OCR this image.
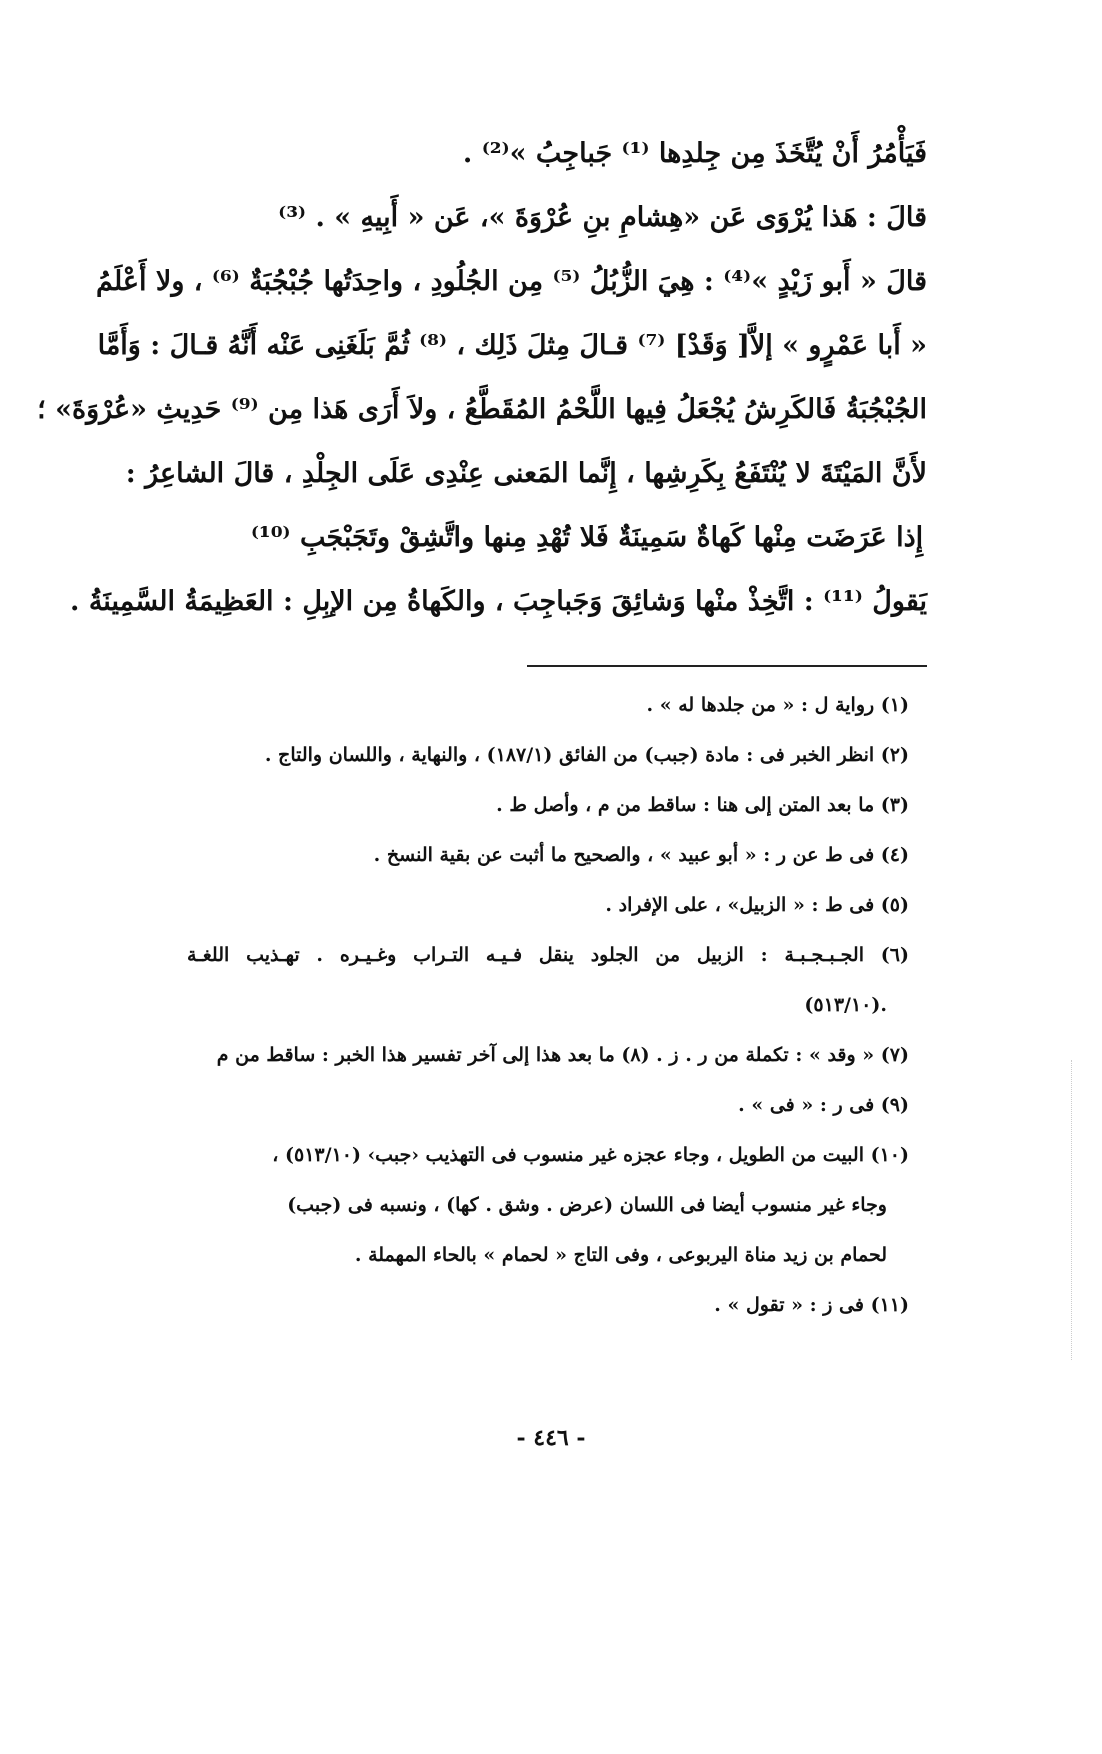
فَيَأْمُرُ أَنْ يُتَّخَذَ مِن جِلدِها ⁽¹⁾ جَباجِبُ »⁽²⁾ .
قالَ : هَذا يُرْوَى عَن «هِشامِ بنِ عُرْوَةَ »، عَن « أَبِيهِ » . ⁽³⁾
قالَ « أَبو زَيْدٍ »⁽⁴⁾ : هِيَ الزُّبُلُ ⁽⁵⁾ مِن الجُلُودِ ، واحِدَتُها جُبْجُبَةٌ ⁽⁶⁾ ، ولا أَعْلَمُ
« أَبا عَمْرٍو » إلاَّ[ وَقَدْ] ⁽⁷⁾ قـالَ مِثلَ ذَلِك ، ⁽⁸⁾ ثُمَّ بَلَغَنِى عَنْه أَنَّهُ قـالَ : وَأَمَّا
الجُبْجُبَةُ فَالكَرِشُ يُجْعَلُ فِيها اللَّحْمُ المُقَطَّعُ ، ولاَ أَرَى هَذا مِن ⁽⁹⁾ حَدِيثِ «عُرْوَةَ» ؛
لأَنَّ المَيْتَةَ لا يُنْتَفَعُ بِكَرِشِها ، إِنَّما المَعنى عِنْدِى عَلَى الجِلْدِ ، قالَ الشاعِرُ :
إِذا عَرَضَت مِنْها كَهاةٌ سَمِينَةٌ فَلا تُهْدِ مِنها واتَّشِقْ وتَجَبْجَبِ ⁽¹⁰⁾
يَقولُ ⁽¹¹⁾ : اتَّخِذْ منْها وَشائِقَ وَجَباجِبَ ، والكَهاةُ مِن الإبِلِ : العَظِيمَةُ السَّمِينَةُ .
(١) رواية ل : « من جلدها له » .
(٢) انظر الخبر فى : مادة (جبب) من الفائق (١٨٧/١) ، والنهاية ، واللسان والتاج .
(٣) ما بعد المتن إلى هنا : ساقط من م ، وأصل ط .
(٤) فى ط عن ر : « أبو عبيد » ، والصحيح ما أثبت عن بقية النسخ .
(٥) فى ط : « الزبيل» ، على الإفراد .
(٦) الجـبـجـبـة : الزبيل من الجلود ينقل فـيـه التـراب وغـيـره . تهـذيب اللغـة
.(٥١٣/١٠)
(٧) « وقد » : تكملة من ر . ز . (٨) ما بعد هذا إلى آخر تفسير هذا الخبر : ساقط من م
(٩) فى ر : « فى » .
(١٠) البيت من الطويل ، وجاء عجزه غير منسوب فى التهذيب ‹جبب› (٥١٣/١٠) ،
وجاء غير منسوب أيضا فى اللسان (عرض . وشق . كها) ، ونسبه فى (جبب)
لحمام بن زيد مناة اليربوعى ، وفى التاج « لحمام » بالحاء المهملة .
(١١) فى ز : « تقول » .
- ٤٤٦ -
